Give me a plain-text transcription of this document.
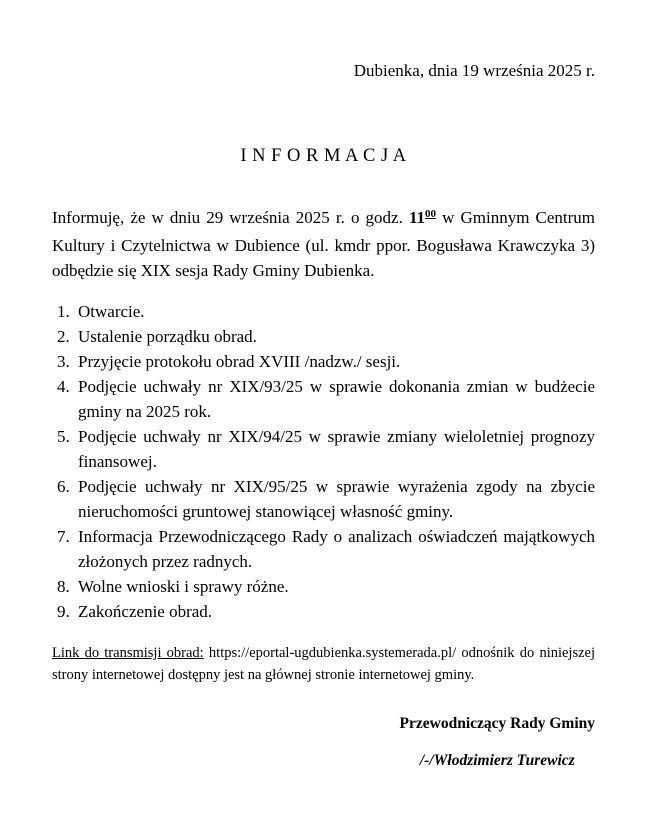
Dubienka, dnia 19 września 2025 r.
I N F O R M A C J A

Informuję, że w dniu 29 września 2025 r. o godz. $11^{00}$ w Gminnym Centrum Kultury i Czytelnictwa w Dubience (ul. kmdr ppor. Bogusława Krawczyka 3) odbędzie się XIX sesja Rady Gminy Dubienka.

1. Otwarcie.
2. Ustalenie porządku obrad.
3. Przyjęcie protokołu obrad XVIII /nadzw./ sesji.
4. Podjęcie uchwały nr XIX/93/25 w sprawie dokonania zmian w budżecie gminy na 2025 rok.
5. Podjęcie uchwały nr XIX/94/25 w sprawie zmiany wieloletniej prognozy finansowej.
6. Podjęcie uchwały nr XIX/95/25 w sprawie wyrażenia zgody na zbycie nieruchomości gruntowej stanowiącej własność gminy.
7. Informacja Przewodniczącego Rady o analizach oświadczeń majątkowych złożonych przez radnych.
8. Wolne wnioski i sprawy różne.
9. Zakończenie obrad.

Link do transmisji obrad: https://eportal-ugdubienka.systemerada.pl/ odnośnik do niniejszej strony internetowej dostępny jest na głównej stronie internetowej gminy.

Przewodniczący Rady Gminy
/-/Włodzimierz Turewicz
